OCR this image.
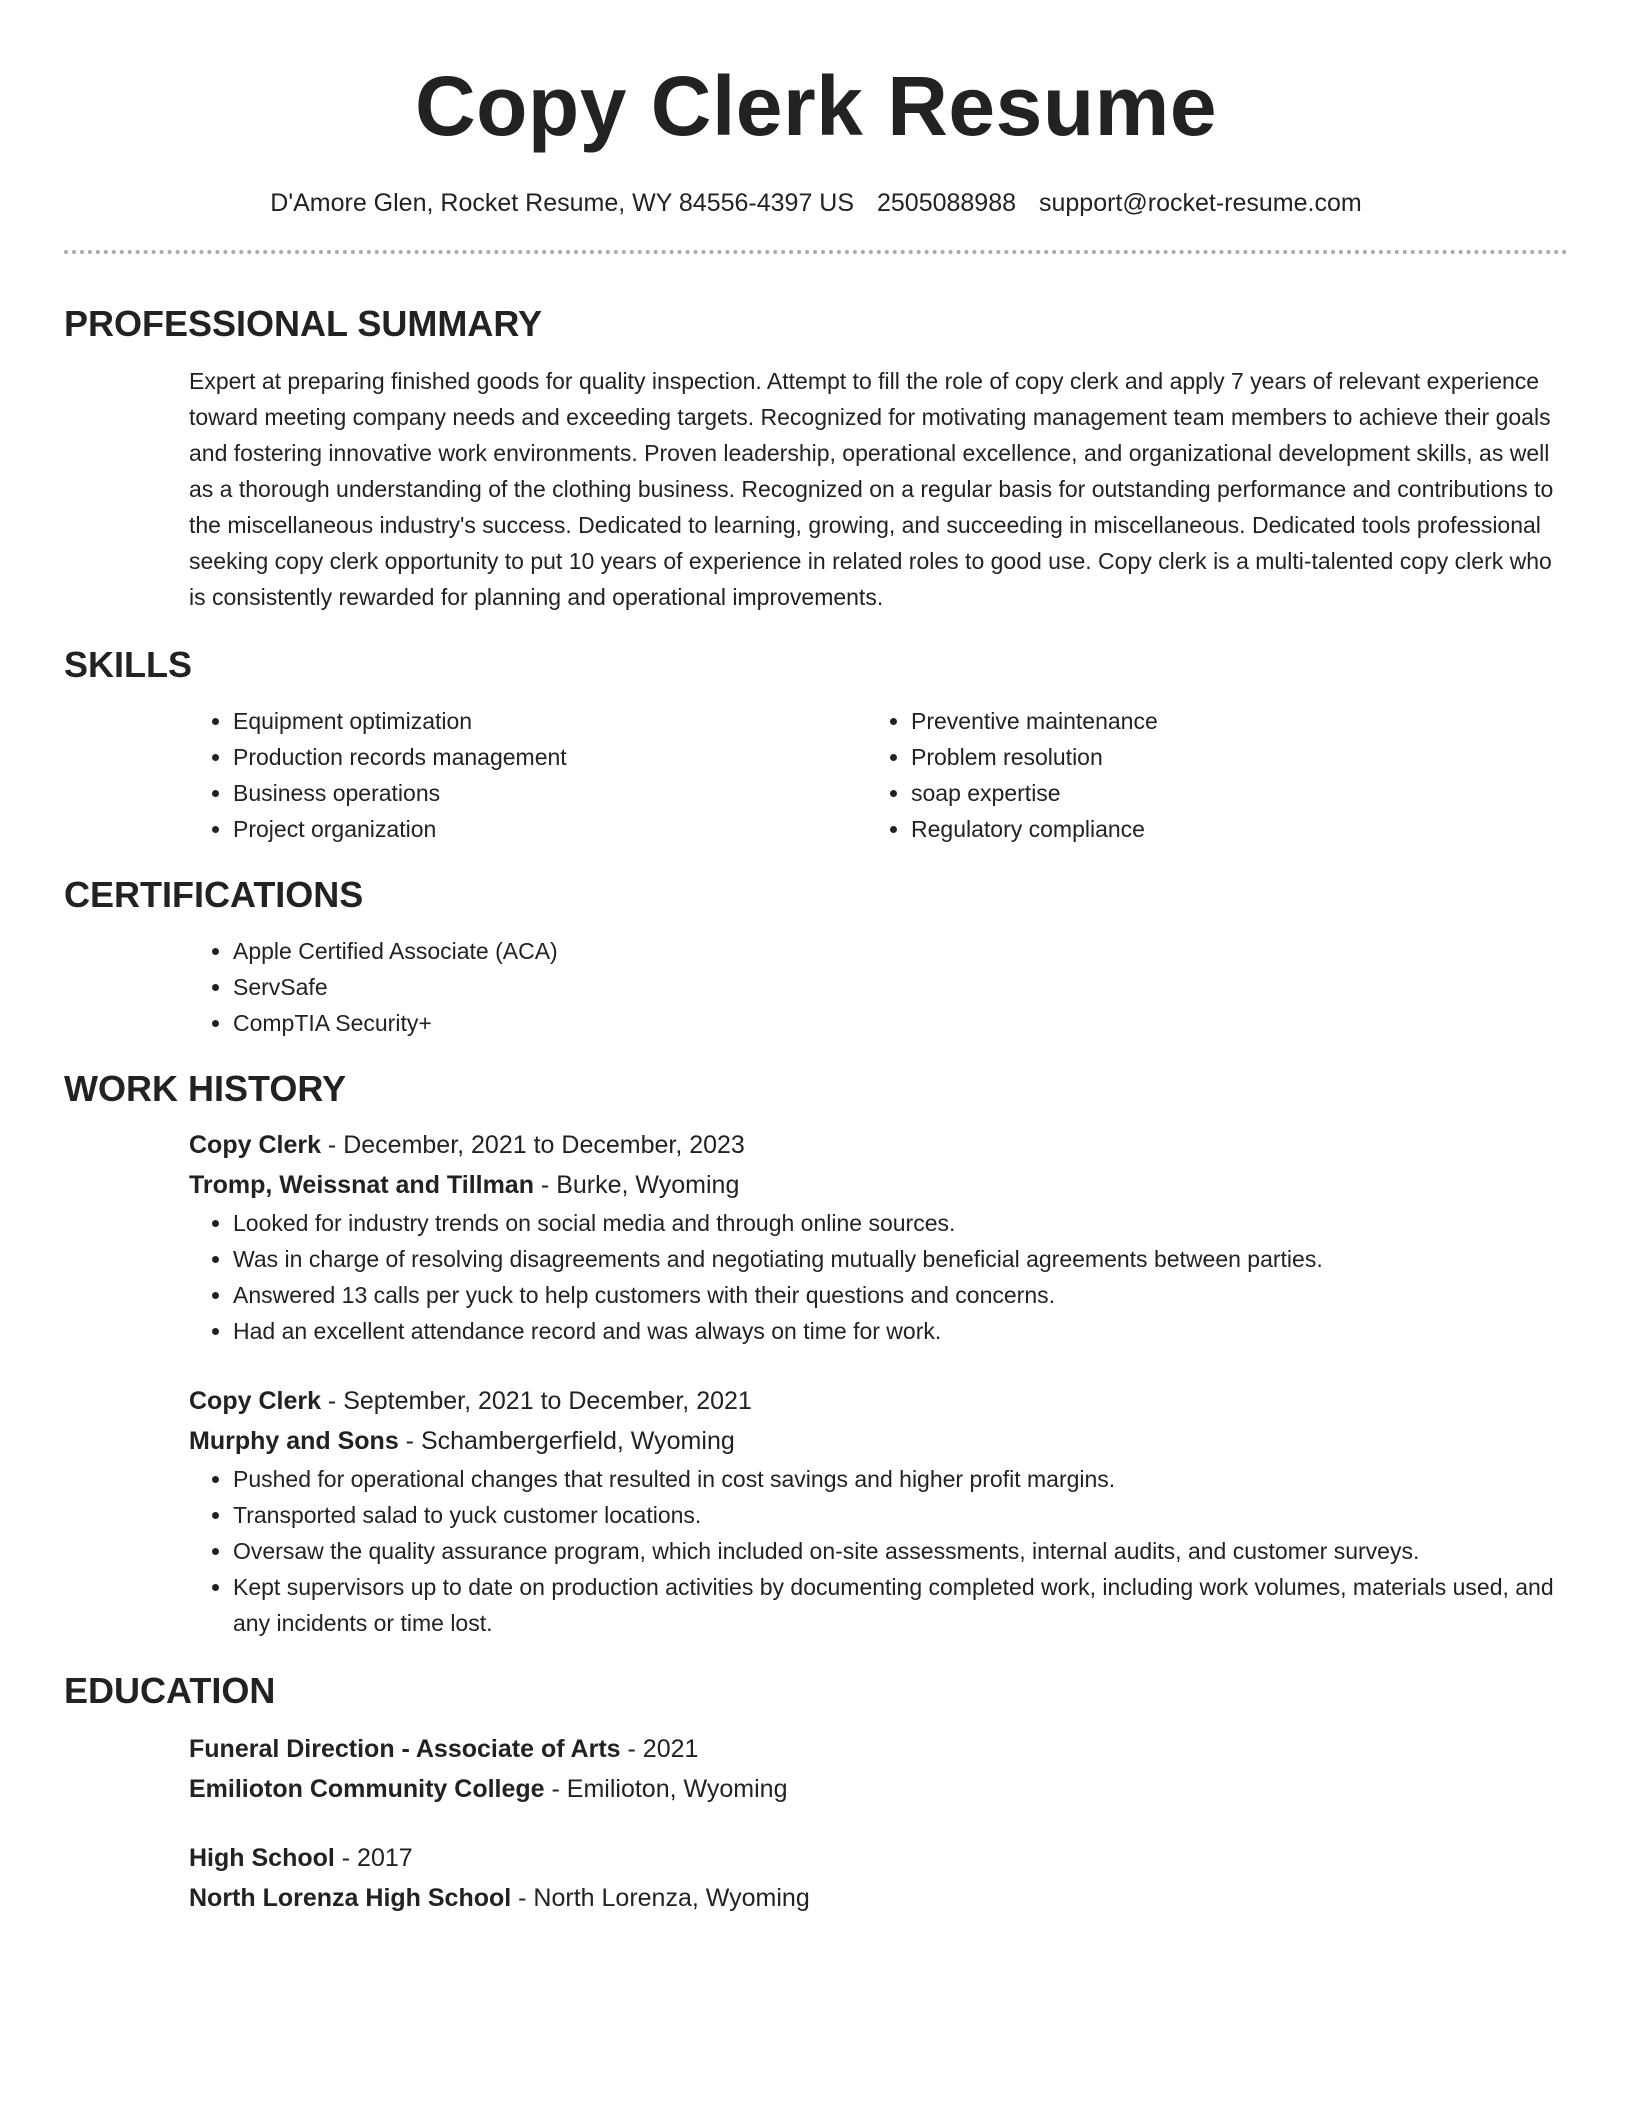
Copy Clerk Resume
D'Amore Glen, Rocket Resume, WY 84556-4397 US 2505088988 support@rocket-resume.com
PROFESSIONAL SUMMARY

Expert at preparing finished goods for quality inspection. Attempt to fill the role of copy clerk and apply 7 years of relevant experience toward meeting company needs and exceeding targets. Recognized for motivating management team members to achieve their goals and fostering innovative work environments. Proven leadership, operational excellence, and organizational development skills, as well as a thorough understanding of the clothing business. Recognized on a regular basis for outstanding performance and contributions to the miscellaneous industry's success. Dedicated to learning, growing, and succeeding in miscellaneous. Dedicated tools professional seeking copy clerk opportunity to put 10 years of experience in related roles to good use. Copy clerk is a multi-talented copy clerk who is consistently rewarded for planning and operational improvements.

SKILLS
• Equipment optimization
• Production records management
• Business operations
• Project organization
• Preventive maintenance
• Problem resolution
• soap expertise
• Regulatory compliance
CERTIFICATIONS
• Apple Certified Associate (ACA)
• ServSafe
• CompTIA Security+
WORK HISTORY
Copy Clerk - December, 2021 to December, 2023
Tromp, Weissnat and Tillman - Burke, Wyoming
• Looked for industry trends on social media and through online sources.
• Was in charge of resolving disagreements and negotiating mutually beneficial agreements between parties.
• Answered 13 calls per yuck to help customers with their questions and concerns.
• Had an excellent attendance record and was always on time for work.
Copy Clerk - September, 2021 to December, 2021
Murphy and Sons - Schambergerfield, Wyoming
• Pushed for operational changes that resulted in cost savings and higher profit margins.
• Transported salad to yuck customer locations.
• Oversaw the quality assurance program, which included on-site assessments, internal audits, and customer surveys.
• Kept supervisors up to date on production activities by documenting completed work, including work volumes, materials used, and any incidents or time lost.
EDUCATION
Funeral Direction - Associate of Arts - 2021
Emilioton Community College - Emilioton, Wyoming
High School - 2017
North Lorenza High School - North Lorenza, Wyoming
